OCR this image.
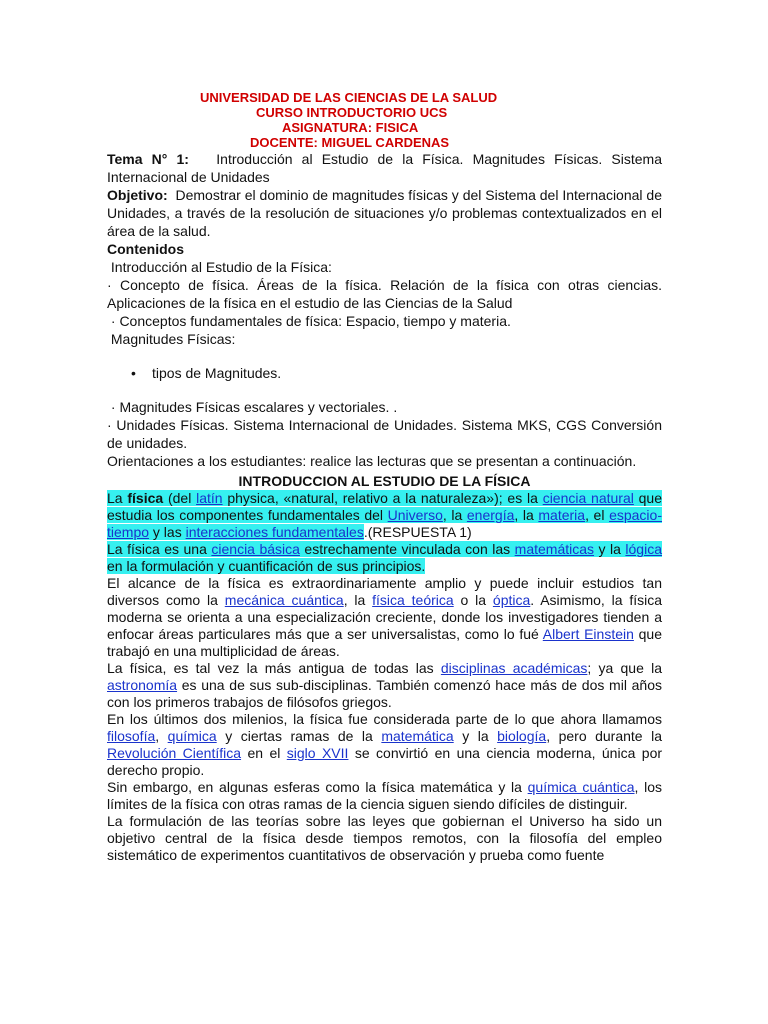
UNIVERSIDAD DE LAS CIENCIAS DE LA SALUD
CURSO INTRODUCTORIO UCS
ASIGNATURA: FISICA
DOCENTE: MIGUEL CARDENAS
Tema N° 1: Introducción al Estudio de la Física. Magnitudes Físicas. Sistema Internacional de Unidades
Objetivo: Demostrar el dominio de magnitudes físicas y del Sistema del Internacional de Unidades, a través de la resolución de situaciones y/o problemas contextualizados en el área de la salud.
Contenidos
Introducción al Estudio de la Física:
· Concepto de física. Áreas de la física. Relación de la física con otras ciencias. Aplicaciones de la física en el estudio de las Ciencias de la Salud
· Conceptos fundamentales de física: Espacio, tiempo y materia.
Magnitudes Físicas:
• tipos de Magnitudes.
· Magnitudes Físicas escalares y vectoriales. .
· Unidades Físicas. Sistema Internacional de Unidades. Sistema MKS, CGS Conversión de unidades.
Orientaciones a los estudiantes: realice las lecturas que se presentan a continuación.
INTRODUCCION AL ESTUDIO DE LA FÍSICA
La física (del latín physica, «natural, relativo a la naturaleza»); es la ciencia natural que estudia los componentes fundamentales del Universo, la energía, la materia, el espacio-tiempo y las interacciones fundamentales.(RESPUESTA 1)
La física es una ciencia básica estrechamente vinculada con las matemáticas y la lógica en la formulación y cuantificación de sus principios.
El alcance de la física es extraordinariamente amplio y puede incluir estudios tan diversos como la mecánica cuántica, la física teórica o la óptica. Asimismo, la física moderna se orienta a una especialización creciente, donde los investigadores tienden a enfocar áreas particulares más que a ser universalistas, como lo fué Albert Einstein que trabajó en una multiplicidad de áreas.
La física, es tal vez la más antigua de todas las disciplinas académicas; ya que la astronomía es una de sus sub-disciplinas. También comenzó hace más de dos mil años con los primeros trabajos de filósofos griegos.
En los últimos dos milenios, la física fue considerada parte de lo que ahora llamamos filosofía, química y ciertas ramas de la matemática y la biología, pero durante la Revolución Científica en el siglo XVII se convirtió en una ciencia moderna, única por derecho propio.
Sin embargo, en algunas esferas como la física matemática y la química cuántica, los límites de la física con otras ramas de la ciencia siguen siendo difíciles de distinguir.
La formulación de las teorías sobre las leyes que gobiernan el Universo ha sido un objetivo central de la física desde tiempos remotos, con la filosofía del empleo sistemático de experimentos cuantitativos de observación y prueba como fuente
